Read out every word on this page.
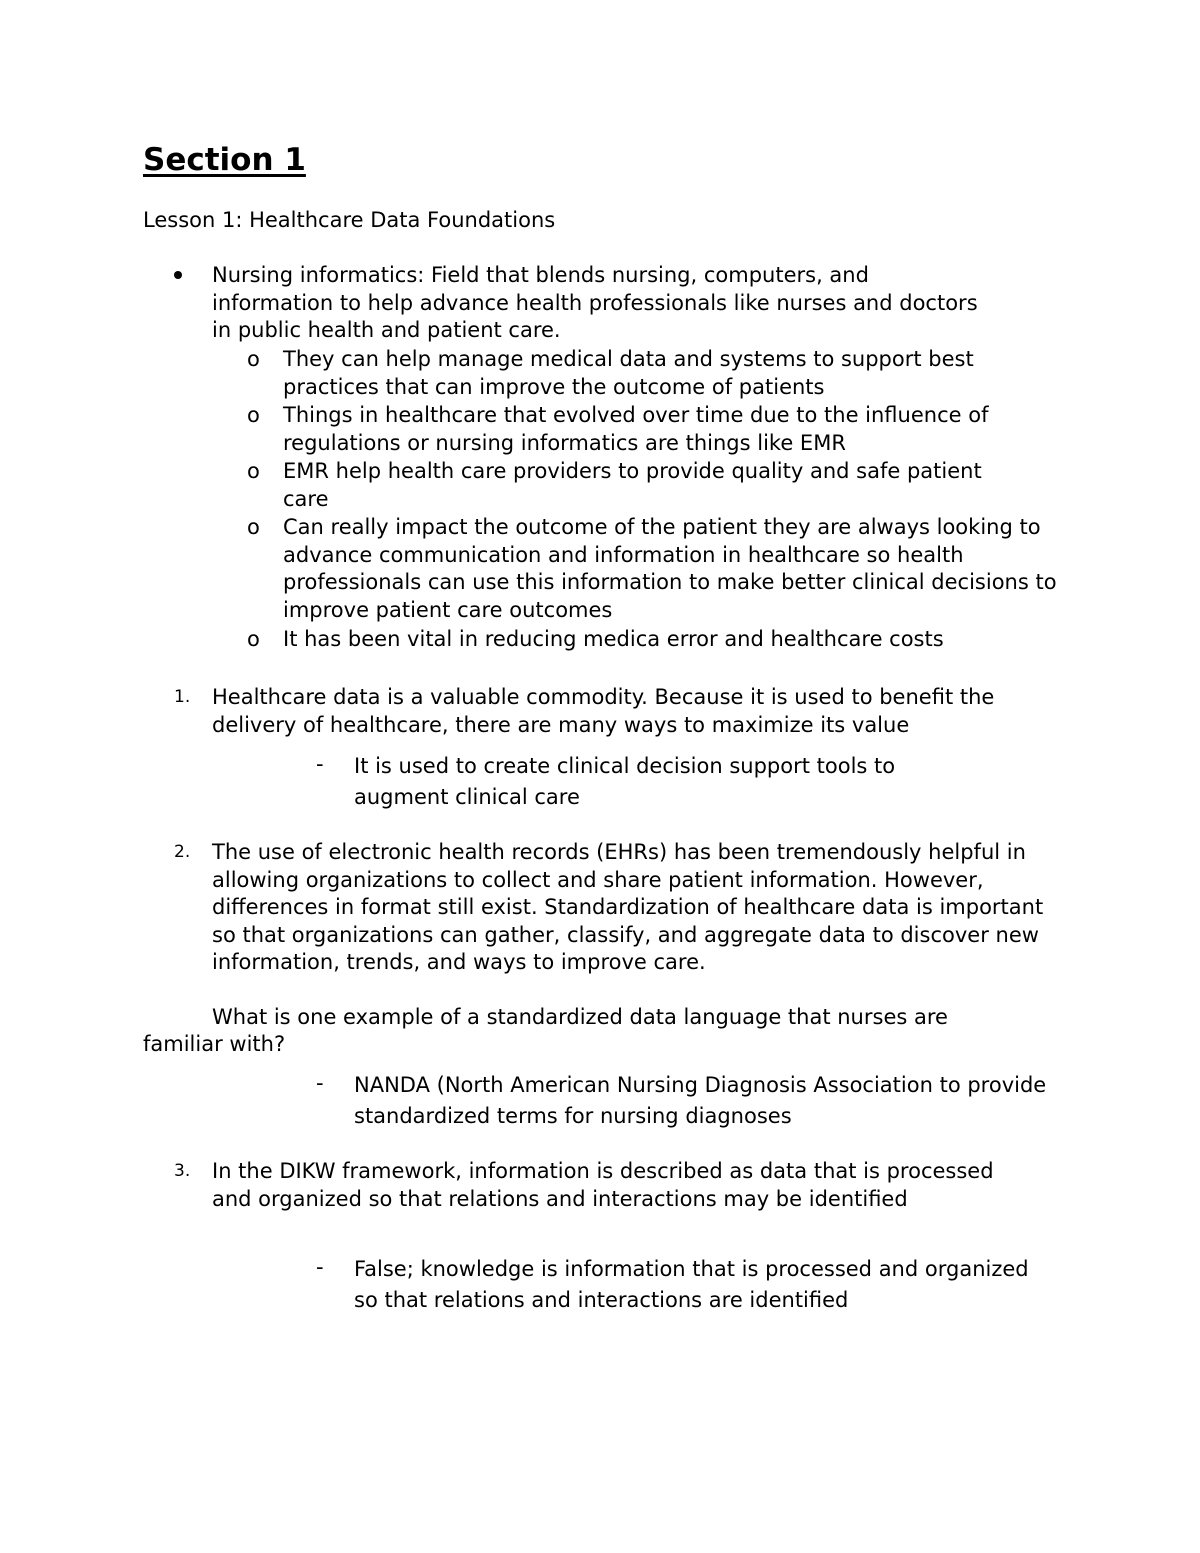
Section 1

Lesson 1: Healthcare Data Foundations

Nursing informatics: Field that blends nursing, computers, and information to help advance health professionals like nurses and doctors in public health and patient care.

o They can help manage medical data and systems to support best practices that can improve the outcome of patients

o Things in healthcare that evolved over time due to the influence of regulations or nursing informatics are things like EMR

o EMR help health care providers to provide quality and safe patient care

o Can really impact the outcome of the patient they are always looking to advance communication and information in healthcare so health professionals can use this information to make better clinical decisions to improve patient care outcomes

o It has been vital in reducing medica error and healthcare costs

1. Healthcare data is a valuable commodity. Because it is used to benefit the delivery of healthcare, there are many ways to maximize its value

- It is used to create clinical decision support tools to augment clinical care

2. The use of electronic health records (EHRs) has been tremendously helpful in allowing organizations to collect and share patient information. However, differences in format still exist. Standardization of healthcare data is important so that organizations can gather, classify, and aggregate data to discover new information, trends, and ways to improve care.

What is one example of a standardized data language that nurses are

familiar with?

- NANDA (North American Nursing Diagnosis Association to provide standardized terms for nursing diagnoses

3. In the DIKW framework, information is described as data that is processed and organized so that relations and interactions may be identified

- False; knowledge is information that is processed and organized so that relations and interactions are identified
